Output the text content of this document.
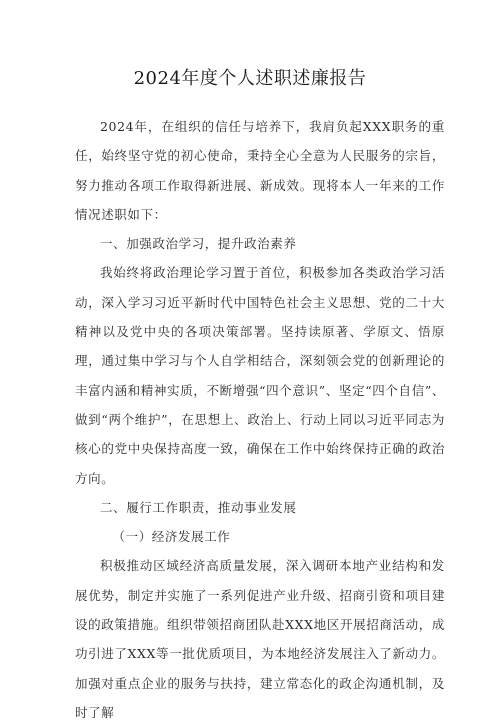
2024年度个人述职述廉报告

2024年，在组织的信任与培养下，我肩负起XXX职务的重任，始终坚守党的初心使命，秉持全心全意为人民服务的宗旨，努力推动各项工作取得新进展、新成效。现将本人一年来的工作情况述职如下：

一、加强政治学习，提升政治素养

我始终将政治理论学习置于首位，积极参加各类政治学习活动，深入学习习近平新时代中国特色社会主义思想、党的二十大精神以及党中央的各项决策部署。坚持读原著、学原文、悟原理，通过集中学习与个人自学相结合，深刻领会党的创新理论的丰富内涵和精神实质，不断增强“四个意识”、坚定“四个自信”、做到“两个维护”，在思想上、政治上、行动上同以习近平同志为核心的党中央保持高度一致，确保在工作中始终保持正确的政治方向。

二、履行工作职责，推动事业发展

（一）经济发展工作

积极推动区域经济高质量发展，深入调研本地产业结构和发展优势，制定并实施了一系列促进产业升级、招商引资和项目建设的政策措施。组织带领招商团队赴XXX地区开展招商活动，成功引进了XXX等一批优质项目，为本地经济发展注入了新动力。加强对重点企业的服务与扶持，建立常态化的政企沟通机制，及时了解
